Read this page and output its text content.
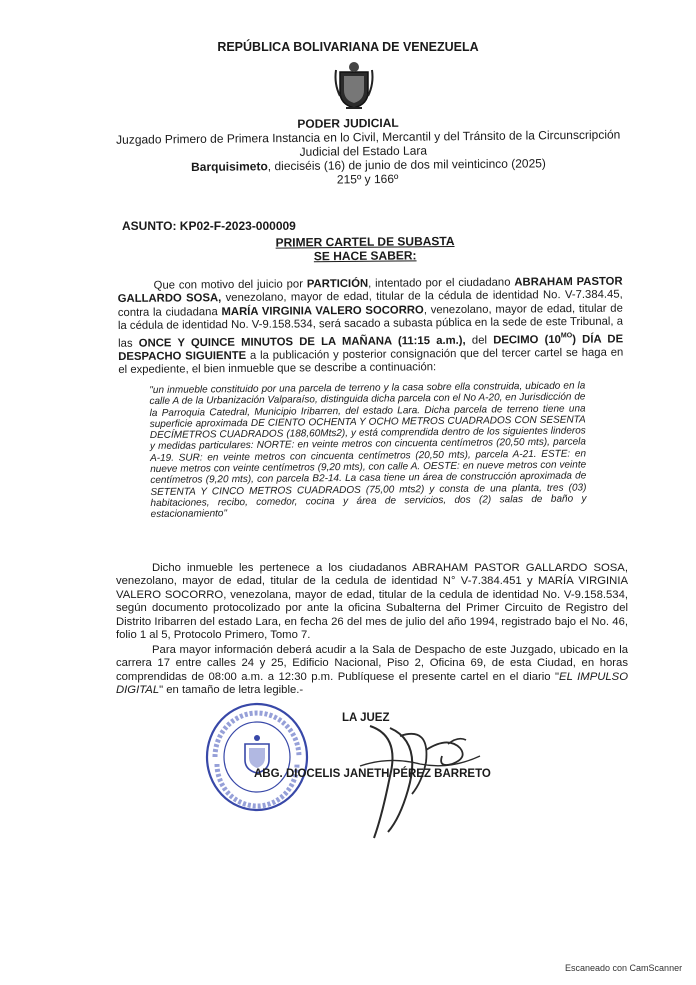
REPÚBLICA BOLIVARIANA DE VENEZUELA
PODER JUDICIAL
Juzgado Primero de Primera Instancia en lo Civil, Mercantil y del Tránsito de la Circunscripción
Judicial del Estado Lara
Barquisimeto, dieciséis (16) de junio de dos mil veinticinco (2025)
215º y 166º
ASUNTO: KP02-F-2023-000009
PRIMER CARTEL DE SUBASTA
SE HACE SABER:
Que con motivo del juicio por PARTICIÓN, intentado por el ciudadano ABRAHAM PASTOR GALLARDO SOSA, venezolano, mayor de edad, titular de la cédula de identidad No. V-7.384.45, contra la ciudadana MARÍA VIRGINIA VALERO SOCORRO, venezolano, mayor de edad, titular de la cédula de identidad No. V-9.158.534, será sacado a subasta pública en la sede de este Tribunal, a las ONCE Y QUINCE MINUTOS DE LA MAÑANA (11:15 a.m.), del DECIMO $(10^{MO})$ DÍA DE DESPACHO SIGUIENTE a la publicación y posterior consignación que del tercer cartel se haga en el expediente, el bien inmueble que se describe a continuación:
"un inmueble constituido por una parcela de terreno y la casa sobre ella construida, ubicado en la calle A de la Urbanización Valparaíso, distinguida dicha parcela con el No A-20, en Jurisdicción de la Parroquia Catedral, Municipio Iribarren, del estado Lara. Dicha parcela de terreno tiene una superficie aproximada DE CIENTO OCHENTA Y OCHO METROS CUADRADOS CON SESENTA DECÍMETROS CUADRADOS (188,60Mts2), y está comprendida dentro de los siguientes linderos y medidas particulares: NORTE: en veinte metros con cincuenta centímetros (20,50 mts), parcela A-19. SUR: en veinte metros con cincuenta centímetros (20,50 mts), parcela A-21. ESTE: en nueve metros con veinte centímetros (9,20 mts), con calle A. OESTE: en nueve metros con veinte centímetros (9,20 mts), con parcela B2-14. La casa tiene un área de construcción aproximada de SETENTA Y CINCO METROS CUADRADOS (75,00 mts2) y consta de una planta, tres (03) habitaciones, recibo, comedor, cocina y área de servicios, dos (2) salas de baño y estacionamiento"
Dicho inmueble les pertenece a los ciudadanos ABRAHAM PASTOR GALLARDO SOSA, venezolano, mayor de edad, titular de la cedula de identidad N° V-7.384.451 y MARÍA VIRGINIA VALERO SOCORRO, venezolana, mayor de edad, titular de la cedula de identidad No. V-9.158.534, según documento protocolizado por ante la oficina Subalterna del Primer Circuito de Registro del Distrito Iribarren del estado Lara, en fecha 26 del mes de julio del año 1994, registrado bajo el No. 46, folio 1 al 5, Protocolo Primero, Tomo 7.
Para mayor información deberá acudir a la Sala de Despacho de este Juzgado, ubicado en la carrera 17 entre calles 24 y 25, Edificio Nacional, Piso 2, Oficina 69, de esta Ciudad, en horas comprendidas de 08:00 a.m. a 12:30 p.m. Publíquese el presente cartel en el diario "EL IMPULSO DIGITAL" en tamaño de letra legible.-
LA JUEZ
ABG. DIOCELIS JANETH PÉREZ BARRETO
Escaneado con CamScanner
